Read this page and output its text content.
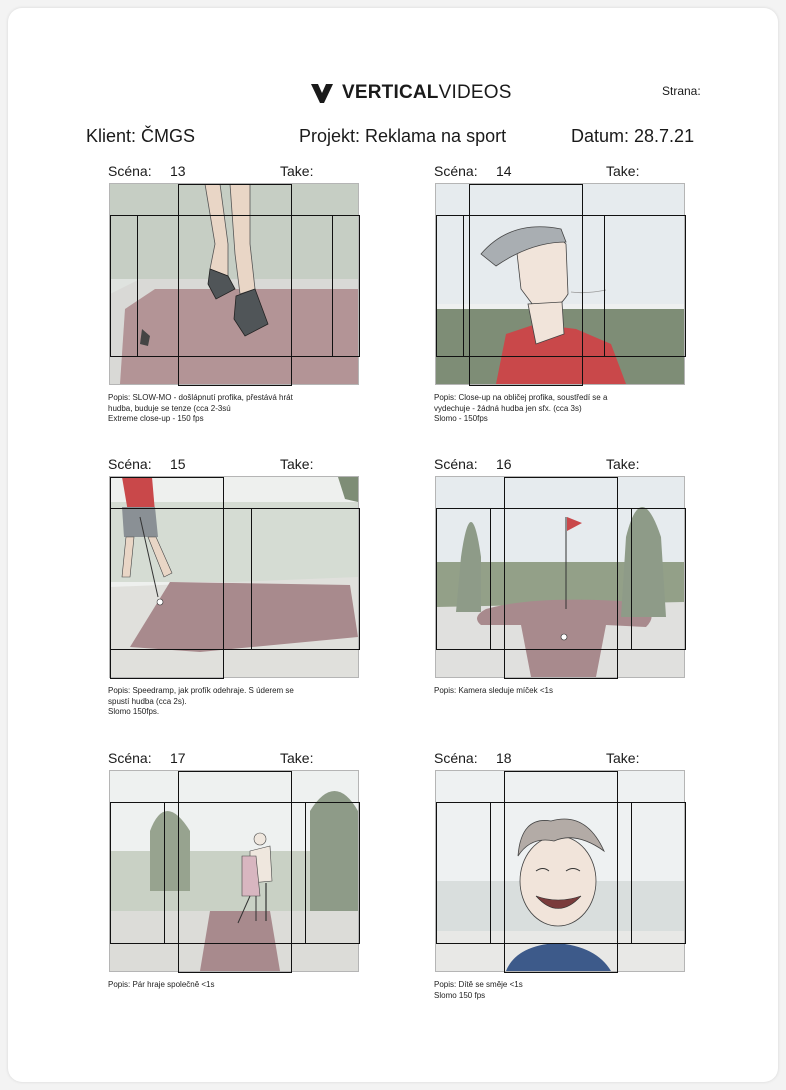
VERTICALVIDEOS	Strana:
Klient: ČMGS	Projekt: Reklama na sport	Datum: 28.7.21
Scéna: 13	Take:
Popis: SLOW-MO - došlápnutí profika, přestává hrát
hudba, buduje se tenze (cca 2-3sú
Extreme close-up - 150 fps
Scéna: 14	Take:
Popis: Close-up na obličej profika, soustředí se a
vydechuje - žádná hudba jen sfx. (cca 3s)
Slomo - 150fps
Scéna: 15	Take:
Popis: Speedramp, jak profík odehraje. S úderem se
spustí hudba (cca 2s).
Slomo 150fps.
Scéna: 16	Take:
Popis: Kamera sleduje míček <1s
Scéna: 17	Take:
Popis: Pár hraje společně <1s
Scéna: 18	Take:
Popis: Dítě se směje <1s
Slomo 150 fps
